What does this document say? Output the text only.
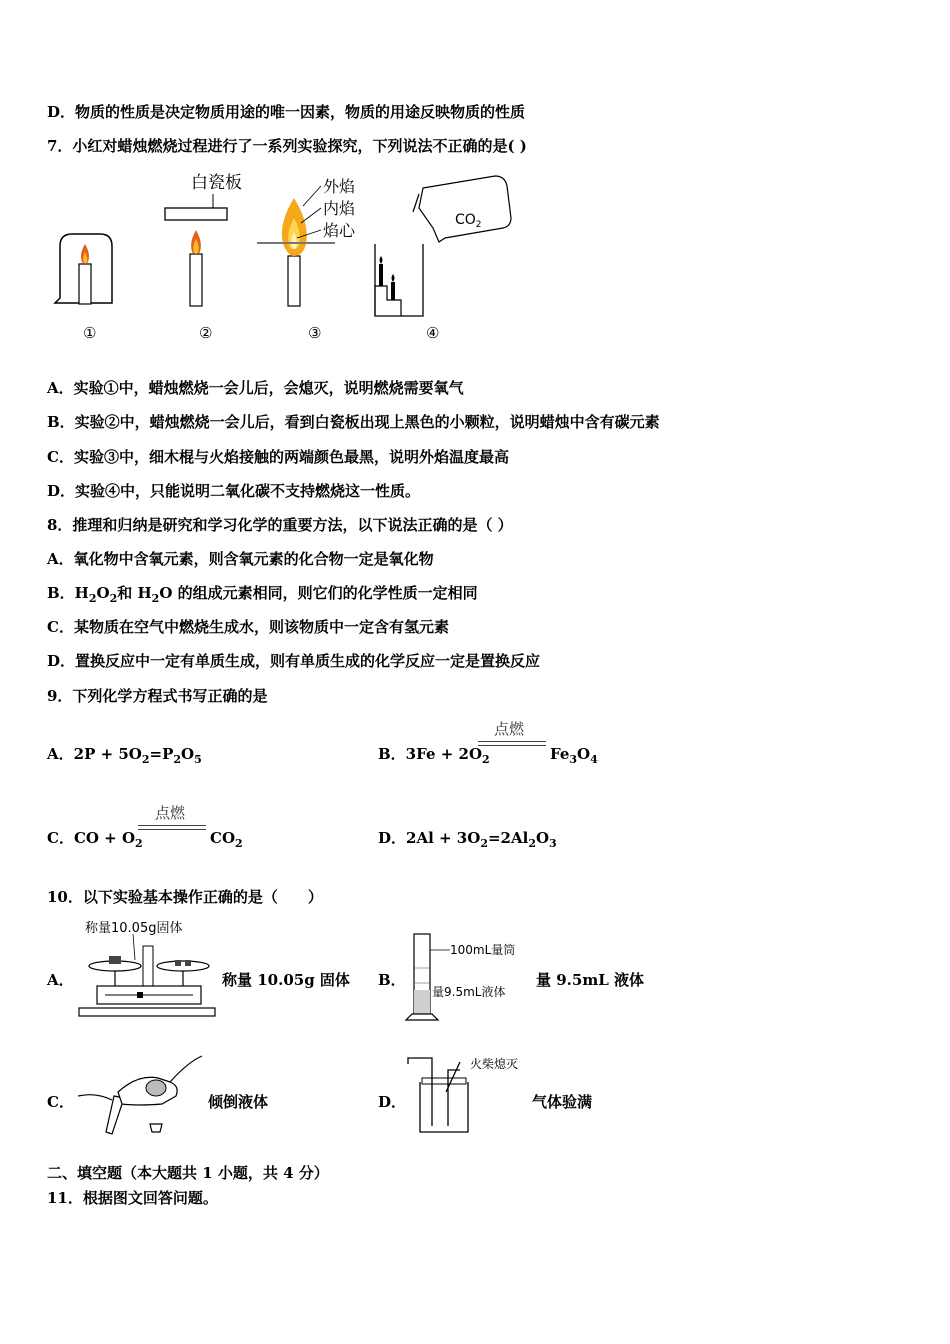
D．物质的性质是决定物质用途的唯一因素，物质的用途反映物质的性质
7．小红对蜡烛燃烧过程进行了一系列实验探究，下列说法不正确的是( )
白瓷板	外焰
内焰
焰心
$CO_2$
①	②	③	④
A．实验①中，蜡烛燃烧一会儿后，会熄灭，说明燃烧需要氧气
B．实验②中，蜡烛燃烧一会儿后，看到白瓷板出现上黑色的小颗粒，说明蜡烛中含有碳元素
C．实验③中，细木棍与火焰接触的两端颜色最黑，说明外焰温度最高
D．实验④中，只能说明二氧化碳不支持燃烧这一性质。
8．推理和归纳是研究和学习化学的重要方法，以下说法正确的是（ ）
A．氧化物中含氧元素，则含氧元素的化合物一定是氧化物
B．$H_2O_2$和 $H_2O$ 的组成元素相同，则它们的化学性质一定相同
C．某物质在空气中燃烧生成水，则该物质中一定含有氢元素
D．置换反应中一定有单质生成，则有单质生成的化学反应一定是置换反应
9．下列化学方程式书写正确的是
A．$2P + 5O_2=P_2O_5$	B．$3Fe + 2O_2$
点燃
$Fe_3O_4$
C．CO + $O_2$
点燃
$CO_2$	D．$2Al + 3O_2=2Al_2O_3$
10．以下实验基本操作正确的是（　　）
A．
称量10.05g固体
称量 10.05g 固体 B．
100mL量筒
量9.5mL液体
量 9.5mL 液体
C．	倾倒液体	D．
火柴熄灭
气体验满
二、填空题（本大题共 1 小题，共 4 分）
11．根据图文回答问题。
